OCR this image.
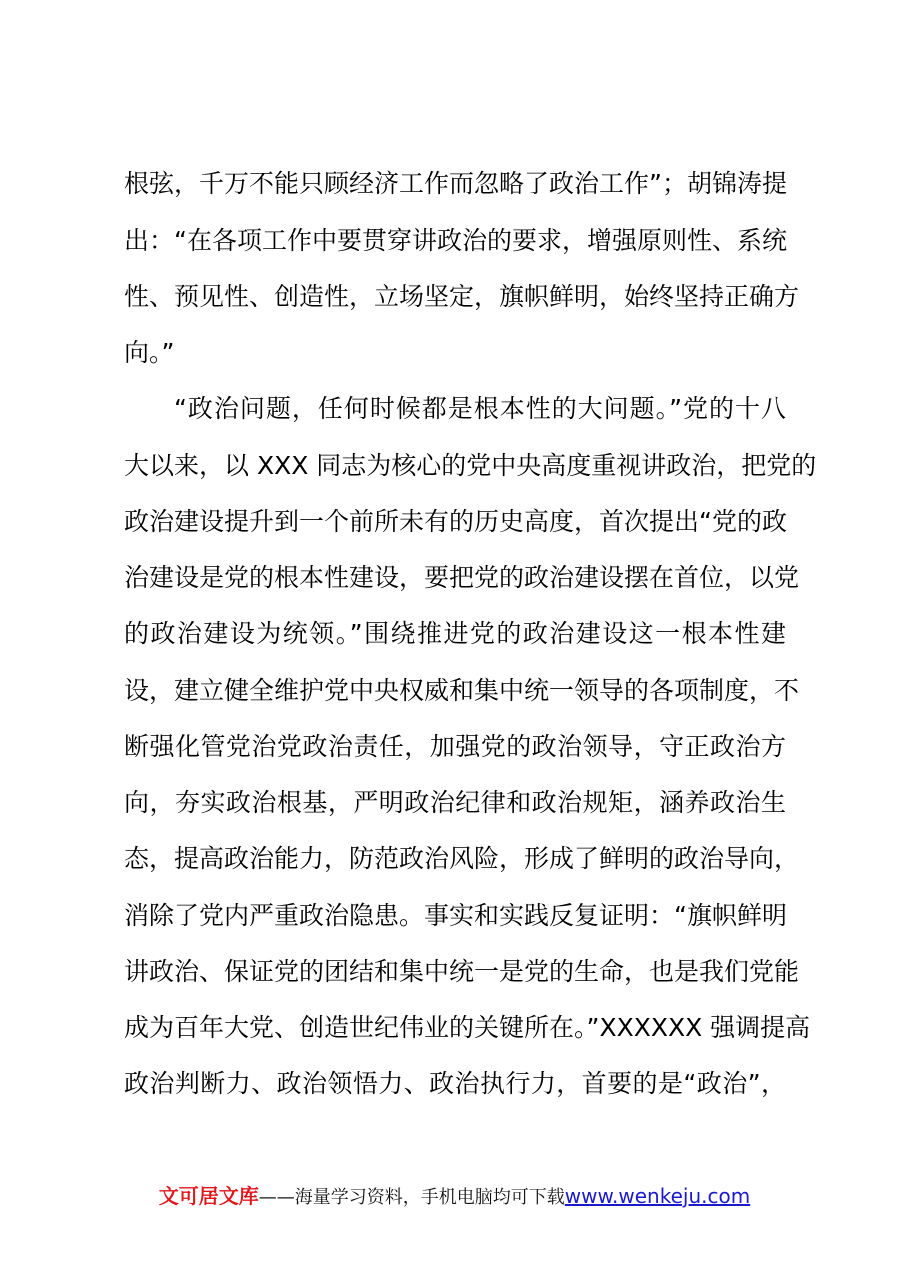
根弦，千万不能只顾经济工作而忽略了政治工作”；胡锦涛提
出：“在各项工作中要贯穿讲政治的要求，增强原则性、系统
性、预见性、创造性，立场坚定，旗帜鲜明，始终坚持正确方
向。”
“政治问题，任何时候都是根本性的大问题。”党的十八
大以来，以 XXX 同志为核心的党中央高度重视讲政治，把党的
政治建设提升到一个前所未有的历史高度，首次提出“党的政
治建设是党的根本性建设，要把党的政治建设摆在首位，以党
的政治建设为统领。”围绕推进党的政治建设这一根本性建
设，建立健全维护党中央权威和集中统一领导的各项制度，不
断强化管党治党政治责任，加强党的政治领导，守正政治方
向，夯实政治根基，严明政治纪律和政治规矩，涵养政治生
态，提高政治能力，防范政治风险，形成了鲜明的政治导向，
消除了党内严重政治隐患。事实和实践反复证明：“旗帜鲜明
讲政治、保证党的团结和集中统一是党的生命，也是我们党能
成为百年大党、创造世纪伟业的关键所在。”XXXXXX 强调提高
政治判断力、政治领悟力、政治执行力，首要的是“政治”，
文可居文库——海量学习资料，手机电脑均可下载www.wenkeju.com
